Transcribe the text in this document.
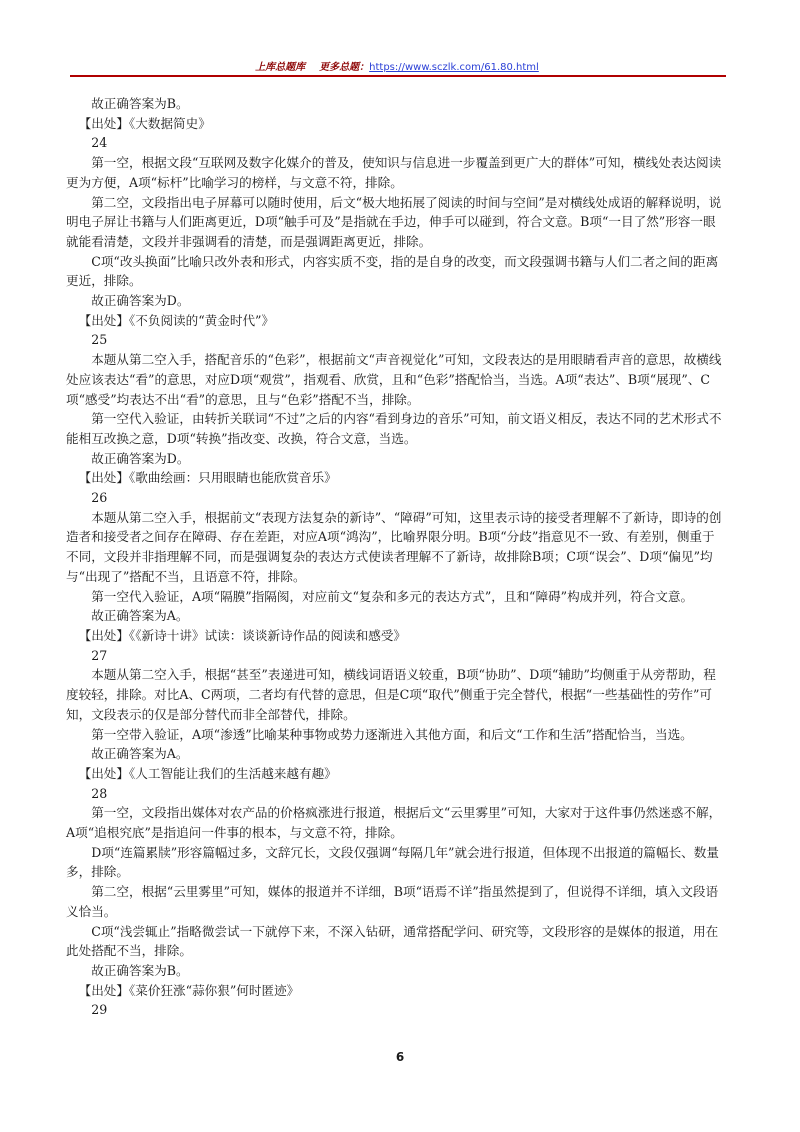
上库总题库 更多总题：https://www.sczlk.com/61.80.html

故正确答案为B。

【出处】《大数据简史》

24

第一空，根据文段“互联网及数字化媒介的普及，使知识与信息进一步覆盖到更广大的群体”可知，横线处表达阅读更为方便，A项“标杆”比喻学习的榜样，与文意不符，排除。

第二空，文段指出电子屏幕可以随时使用，后文“极大地拓展了阅读的时间与空间”是对横线处成语的解释说明，说明电子屏让书籍与人们距离更近，D项“触手可及”是指就在手边，伸手可以碰到，符合文意。B项“一目了然”形容一眼就能看清楚，文段并非强调看的清楚，而是强调距离更近，排除。

C项“改头换面”比喻只改外表和形式，内容实质不变，指的是自身的改变，而文段强调书籍与人们二者之间的距离更近，排除。

故正确答案为D。

【出处】《不负阅读的“黄金时代”》

25

本题从第二空入手，搭配音乐的“色彩”，根据前文“声音视觉化”可知，文段表达的是用眼睛看声音的意思，故横线处应该表达“看”的意思，对应D项“观赏”，指观看、欣赏，且和“色彩”搭配恰当，当选。A项“表达”、B项“展现”、C项“感受”均表达不出“看”的意思，且与“色彩”搭配不当，排除。

第一空代入验证，由转折关联词“不过”之后的内容“看到身边的音乐”可知，前文语义相反，表达不同的艺术形式不能相互改换之意，D项“转换”指改变、改换，符合文意，当选。

故正确答案为D。

【出处】《歌曲绘画：只用眼睛也能欣赏音乐》

26

本题从第二空入手，根据前文“表现方法复杂的新诗”、“障碍”可知，这里表示诗的接受者理解不了新诗，即诗的创造者和接受者之间存在障碍、存在差距，对应A项“鸿沟”，比喻界限分明。B项“分歧”指意见不一致、有差别，侧重于不同，文段并非指理解不同，而是强调复杂的表达方式使读者理解不了新诗，故排除B项；C项“误会”、D项“偏见”均与“出现了”搭配不当，且语意不符，排除。

第一空代入验证，A项“隔膜”指隔阂，对应前文“复杂和多元的表达方式”，且和“障碍”构成并列，符合文意。

故正确答案为A。

【出处】《《新诗十讲》试读：谈谈新诗作品的阅读和感受》

27

本题从第二空入手，根据“甚至”表递进可知，横线词语语义较重，B项“协助”、D项“辅助”均侧重于从旁帮助，程度较轻，排除。对比A、C两项，二者均有代替的意思，但是C项“取代”侧重于完全替代，根据“一些基础性的劳作”可知，文段表示的仅是部分替代而非全部替代，排除。

第一空带入验证，A项“渗透”比喻某种事物或势力逐渐进入其他方面，和后文“工作和生活”搭配恰当，当选。

故正确答案为A。

【出处】《人工智能让我们的生活越来越有趣》

28

第一空，文段指出媒体对农产品的价格疯涨进行报道，根据后文“云里雾里”可知，大家对于这件事仍然迷惑不解，A项“追根究底”是指追问一件事的根本，与文意不符，排除。

D项“连篇累牍”形容篇幅过多，文辞冗长，文段仅强调“每隔几年”就会进行报道，但体现不出报道的篇幅长、数量多，排除。

第二空，根据“云里雾里”可知，媒体的报道并不详细，B项“语焉不详”指虽然提到了，但说得不详细，填入文段语义恰当。

C项“浅尝辄止”指略微尝试一下就停下来，不深入钻研，通常搭配学问、研究等，文段形容的是媒体的报道，用在此处搭配不当，排除。

故正确答案为B。

【出处】《菜价狂涨“蒜你狠”何时匿迹》

29

6
